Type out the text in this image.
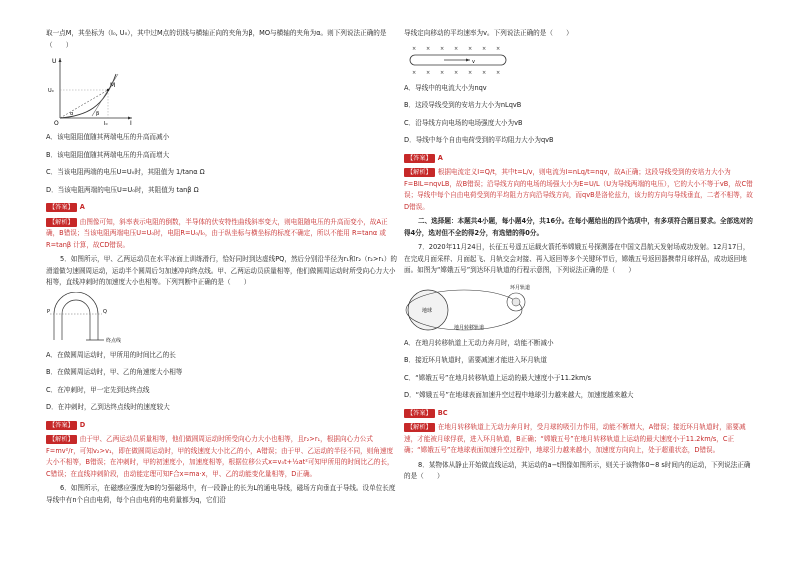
取一点M，其坐标为（I₀, U₀），其中过M点的切线与横轴正向的夹角为β，MO与横轴的夹角为α。则下列说法正确的是（　　）

U
I
O
M
U₀
I₀
α	β

A．该电阻阻值随其两端电压的升高而减小

B．该电阻阻值随其两端电压的升高而增大

C．当该电阻两端的电压U=U₀时，其阻值为 1/tanα Ω

D．当该电阻两端的电压U=U₀时，其阻值为 tanβ Ω

【答案】 A

【解析】 由图像可知，斜率表示电阻的倒数，半导体的伏安特性曲线斜率变大，则电阻随电压的升高而变小，故A正确，B错误；当该电阻两端电压U=U₀时，电阻R=U₀/I₀，由于纵坐标与横坐标的标度不确定，所以不能用 R=tanα 或 R=tanβ 计算，故CD错误。

5．如图所示，甲、乙两运动员在水平冰面上训练滑行，恰好同时到达虚线PQ，然后分别沿半径为r₁和r₂（r₂>r₁）的滑道做匀速圆周运动，运动半个圆周后匀加速冲向终点线。甲、乙两运动员质量相等，他们做圆周运动时所受向心力大小相等，直线冲刺时的加速度大小也相等。下列判断中正确的是（　　）

P	Q
终点线

A．在做圆周运动时，甲所用的时间比乙的长

B．在做圆周运动时，甲、乙的角速度大小相等

C．在冲刺时，甲一定先到达终点线

D．在冲刺时，乙到达终点线时的速度较大

【答案】 D

【解析】 由于甲、乙两运动员质量相等，他们做圆周运动时所受向心力大小也相等，且r₂>r₁，根据向心力公式F=mv²/r，可知v₂>v₁，即在做圆周运动时，甲的线速度大小比乙的小，A错误；由于甲、乙运动的半径不同，则角速度大小不相等，B错误；在冲刺时，甲的初速度小，加速度相等，根据位移公式x=v₀t+½at²可知甲所用的时间比乙的长，C错误；在直线冲刺阶段，由动能定理可知F合x=ma·x，甲、乙的动能变化量相等，D正确。

6．如图所示，在磁感应强度为B的匀强磁场中，有一段静止的长为L的通电导线，磁场方向垂直于导线。设单位长度导线中有n个自由电荷，每个自由电荷的电荷量都为q，它们沿

导线定向移动的平均速率为v。下列说法正确的是（　　）

× × × × × × ×
× × × × × × ×
v

A．导线中的电流大小为nqv

B．这段导线受到的安培力大小为nLqvB

C．沿导线方向电场的电场强度大小为vB

D．导线中每个自由电荷受到的平均阻力大小为qvB

【答案】 A

【解析】 根据电流定义I=Q/t，其中t=L/v，则电流为I=nLq/t=nqv，故A正确；这段导线受到的安培力大小为F=BIL=nqvLB，故B错误；沿导线方向的电场的场强大小为E=U/L（U为导线两端的电压），它的大小不等于vB，故C错误；导线中每个自由电荷受到的平均阻力方向沿导线方向，而qvB是洛伦兹力，该力的方向与导线垂直，二者不相等，故D错误。

二、选择题：本题共4小题，每小题4分，共16分。在每小题给出的四个选项中，有多项符合题目要求。全部选对的得4分，选对但不全的得2分，有选错的得0分。

7．2020年11月24日，长征五号遥五运载火箭托举嫦娥五号探测器在中国文昌航天发射场成功发射。12月17日，在完成月面采样、月面起飞、月轨交会对接、再入返回等多个关键环节后，嫦娥五号返回器携带月球样品，成功返回地面。如图为“嫦娥五号”到达环月轨道的行程示意图，下列说法正确的是（　　）

地球
环月轨道
地月转移轨道

A．在地月转移轨道上无动力奔月时，动能不断减小

B．接近环月轨道时，需要减速才能进入环月轨道

C．“嫦娥五号”在地月转移轨道上运动的最大速度小于11.2km/s

D．“嫦娥五号”在地球表面加速升空过程中地球引力越来越大，加速度越来越大

【答案】 BC

【解析】 在地月转移轨道上无动力奔月时，受月球的吸引力作用，动能不断增大，A错误；接近环月轨道时，需要减速，才能被月球俘获，进入环月轨道，B正确；“嫦娥五号”在地月转移轨道上运动的最大速度小于11.2km/s，C正确；“嫦娥五号”在地球表面加速升空过程中，地球引力越来越小，加速度方向向上，处于超重状态，D错误。

8．某物体从静止开始做直线运动，其运动的a−t图像如图所示，则关于该物体0~8 s时间内的运动，下列说法正确的是（　　）
